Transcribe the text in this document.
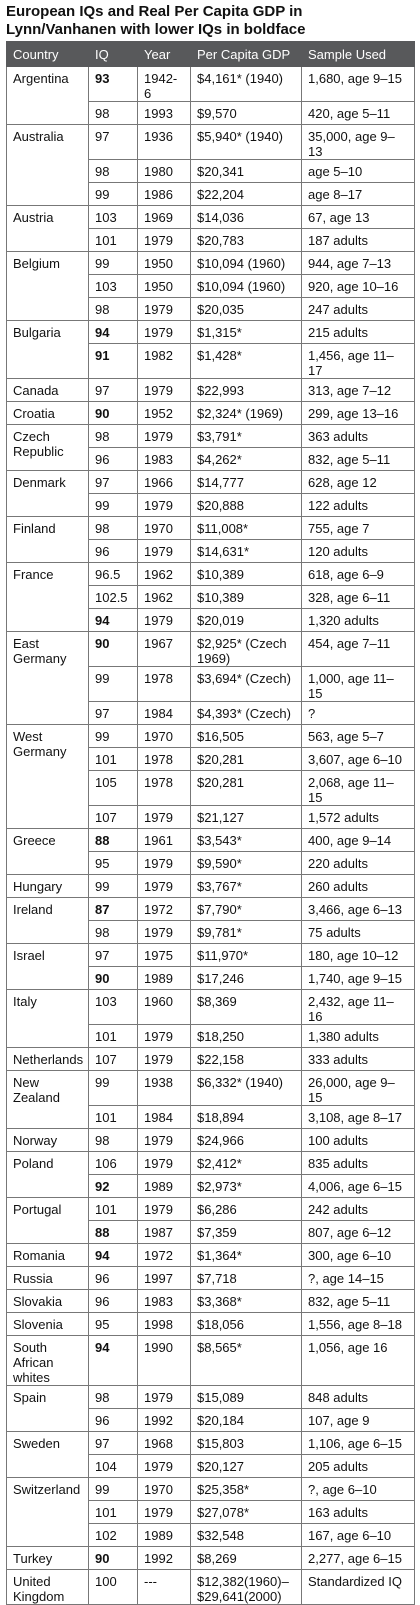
European IQs and Real Per Capita GDP in Lynn/Vanhanen with lower IQs in boldface
Country	IQ	Year	Per Capita GDP	Sample Used

Argentina	93	1942-6	$4,161* (1940)	1,680, age 9–15

	98	1993	$9,570	420, age 5–11

Australia	97	1936	$5,940* (1940)	35,000, age 9–13

	98	1980	$20,341	age 5–10

	99	1986	$22,204	age 8–17

Austria	103	1969	$14,036	67, age 13

	101	1979	$20,783	187 adults

Belgium	99	1950	$10,094 (1960)	944, age 7–13

	103	1950	$10,094 (1960)	920, age 10–16

	98	1979	$20,035	247 adults

Bulgaria	94	1979	$1,315*	215 adults

	91	1982	$1,428*	1,456, age 11–17

Canada	97	1979	$22,993	313, age 7–12

Croatia	90	1952	$2,324* (1969)	299, age 13–16

Czech Republic	98	1979	$3,791*	363 adults

	96	1983	$4,262*	832, age 5–11

Denmark	97	1966	$14,777	628, age 12

	99	1979	$20,888	122 adults

Finland	98	1970	$11,008*	755, age 7

	96	1979	$14,631*	120 adults

France	96.5	1962	$10,389	618, age 6–9

	102.5	1962	$10,389	328, age 6–11

	94	1979	$20,019	1,320 adults

East Germany	90	1967	$2,925* (Czech 1969)	454, age 7–11

	99	1978	$3,694* (Czech)	1,000, age 11–15

	97	1984	$4,393* (Czech)	?

West Germany	99	1970	$16,505	563, age 5–7

	101	1978	$20,281	3,607, age 6–10

	105	1978	$20,281	2,068, age 11–15

	107	1979	$21,127	1,572 adults

Greece	88	1961	$3,543*	400, age 9–14

	95	1979	$9,590*	220 adults

Hungary	99	1979	$3,767*	260 adults

Ireland	87	1972	$7,790*	3,466, age 6–13

	98	1979	$9,781*	75 adults

Israel	97	1975	$11,970*	180, age 10–12

	90	1989	$17,246	1,740, age 9–15

Italy	103	1960	$8,369	2,432, age 11–16

	101	1979	$18,250	1,380 adults

Netherlands	107	1979	$22,158	333 adults

New Zealand	99	1938	$6,332* (1940)	26,000, age 9–15

	101	1984	$18,894	3,108, age 8–17

Norway	98	1979	$24,966	100 adults

Poland	106	1979	$2,412*	835 adults

	92	1989	$2,973*	4,006, age 6–15

Portugal	101	1979	$6,286	242 adults

	88	1987	$7,359	807, age 6–12

Romania	94	1972	$1,364*	300, age 6–10

Russia	96	1997	$7,718	?, age 14–15

Slovakia	96	1983	$3,368*	832, age 5–11

Slovenia	95	1998	$18,056	1,556, age 8–18

South African whites	94	1990	$8,565*	1,056, age 16

Spain	98	1979	$15,089	848 adults

	96	1992	$20,184	107, age 9

Sweden	97	1968	$15,803	1,106, age 6–15

	104	1979	$20,127	205 adults

Switzerland	99	1970	$25,358*	?, age 6–10

	101	1979	$27,078*	163 adults

	102	1989	$32,548	167, age 6–10

Turkey	90	1992	$8,269	2,277, age 6–15

United Kingdom	100	---	$12,382(1960)–$29,641(2000)	Standardized IQ
